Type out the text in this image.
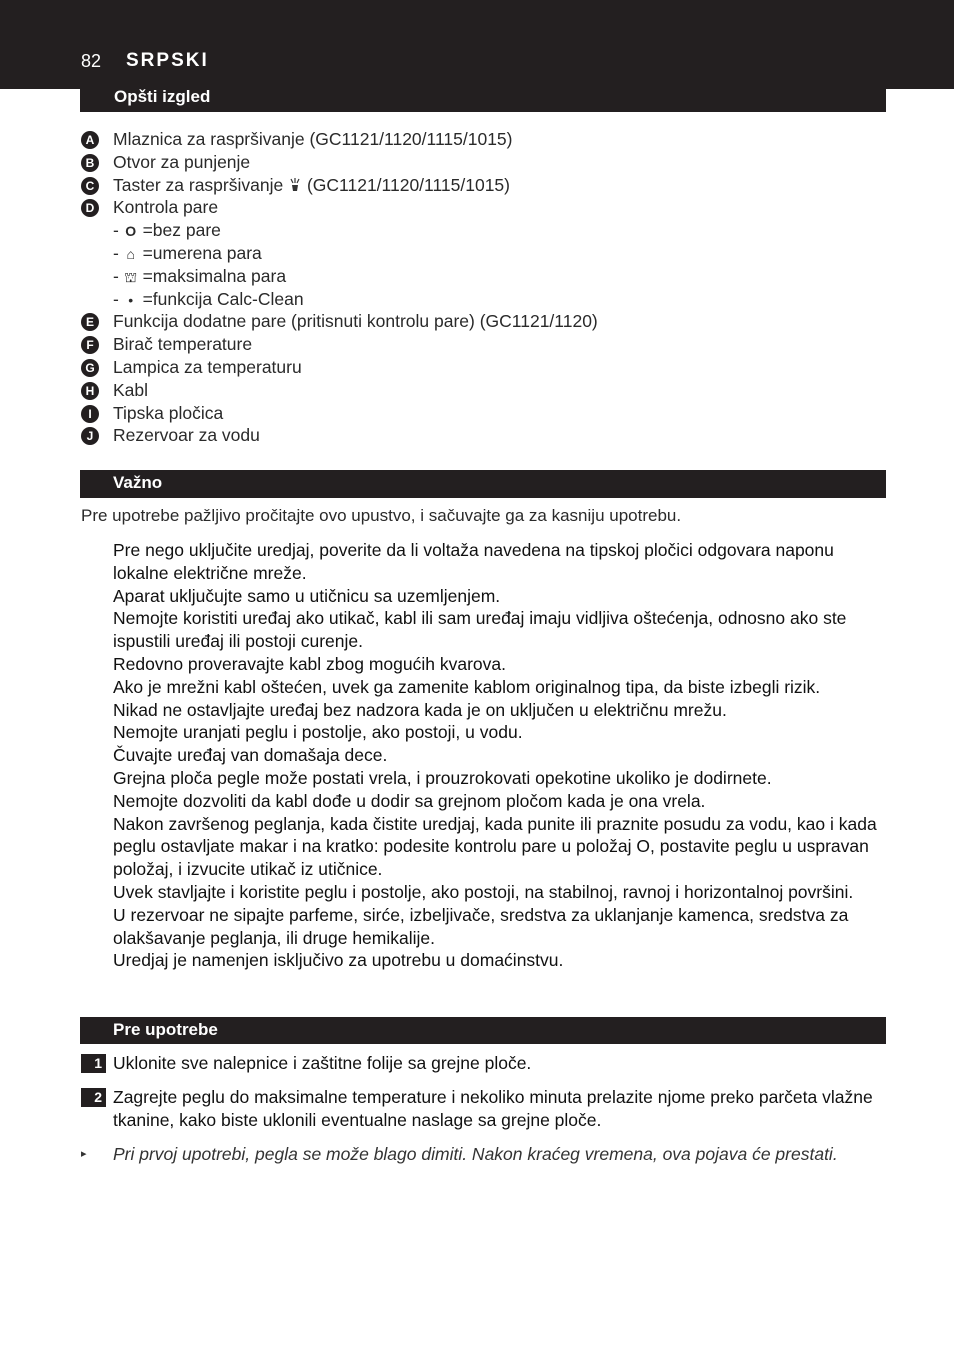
82 SRPSKI
Opšti izgled
A Mlaznica za raspršivanje (GC1121/1120/1115/1015)
B Otvor za punjenje
C Taster za raspršivanje (GC1121/1120/1115/1015)
D Kontrola pare
- O =bez pare
- ⌂ =umerena para
- ⛫ =maksimalna para
- • =funkcija Calc-Clean
E Funkcija dodatne pare (pritisnuti kontrolu pare) (GC1121/1120)
F	Birač temperature
G Lampica za temperaturu
H Kabl
I	Tipska pločica
J	Rezervoar za vodu
Važno
Pre upotrebe pažljivo pročitajte ovo upustvo, i sačuvajte ga za kasniju upotrebu.

Pre nego uključite uredjaj, poverite da li voltaža navedena na tipskoj pločici odgovara naponu lokalne električne mreže.

Aparat uključujte samo u utičnicu sa uzemljenjem.

Nemojte koristiti uređaj ako utikač, kabl ili sam uređaj imaju vidljiva oštećenja, odnosno ako ste ispustili uređaj ili postoji curenje.

Redovno proveravajte kabl zbog mogućih kvarova.

Ako je mrežni kabl oštećen, uvek ga zamenite kablom originalnog tipa, da biste izbegli rizik.

Nikad ne ostavljajte uređaj bez nadzora kada je on uključen u električnu mrežu.

Nemojte uranjati peglu i postolje, ako postoji, u vodu.

Čuvajte uređaj van domašaja dece.

Grejna ploča pegle može postati vrela, i prouzrokovati opekotine ukoliko je dodirnete.

Nemojte dozvoliti da kabl dođe u dodir sa grejnom pločom kada je ona vrela.

Nakon završenog peglanja, kada čistite uredjaj, kada punite ili praznite posudu za vodu, kao i kada peglu ostavljate makar i na kratko: podesite kontrolu pare u položaj O, postavite peglu u uspravan položaj, i izvucite utikač iz utičnice.

Uvek stavljajte i koristite peglu i postolje, ako postoji, na stabilnoj, ravnoj i horizontalnoj površini.

U rezervoar ne sipajte parfeme, sirće, izbeljivače, sredstva za uklanjanje kamenca, sredstva za olakšavanje peglanja, ili druge hemikalije.

Uredjaj je namenjen isključivo za upotrebu u domaćinstvu.

Pre upotrebe
1 Uklonite sve nalepnice i zaštitne folije sa grejne ploče.
2 Zagrejte peglu do maksimalne temperature i nekoliko minuta prelazite njome preko parčeta vlažne tkanine, kako biste uklonili eventualne naslage sa grejne ploče.
▸ Pri prvoj upotrebi, pegla se može blago dimiti. Nakon kraćeg vremena, ova pojava će prestati.
